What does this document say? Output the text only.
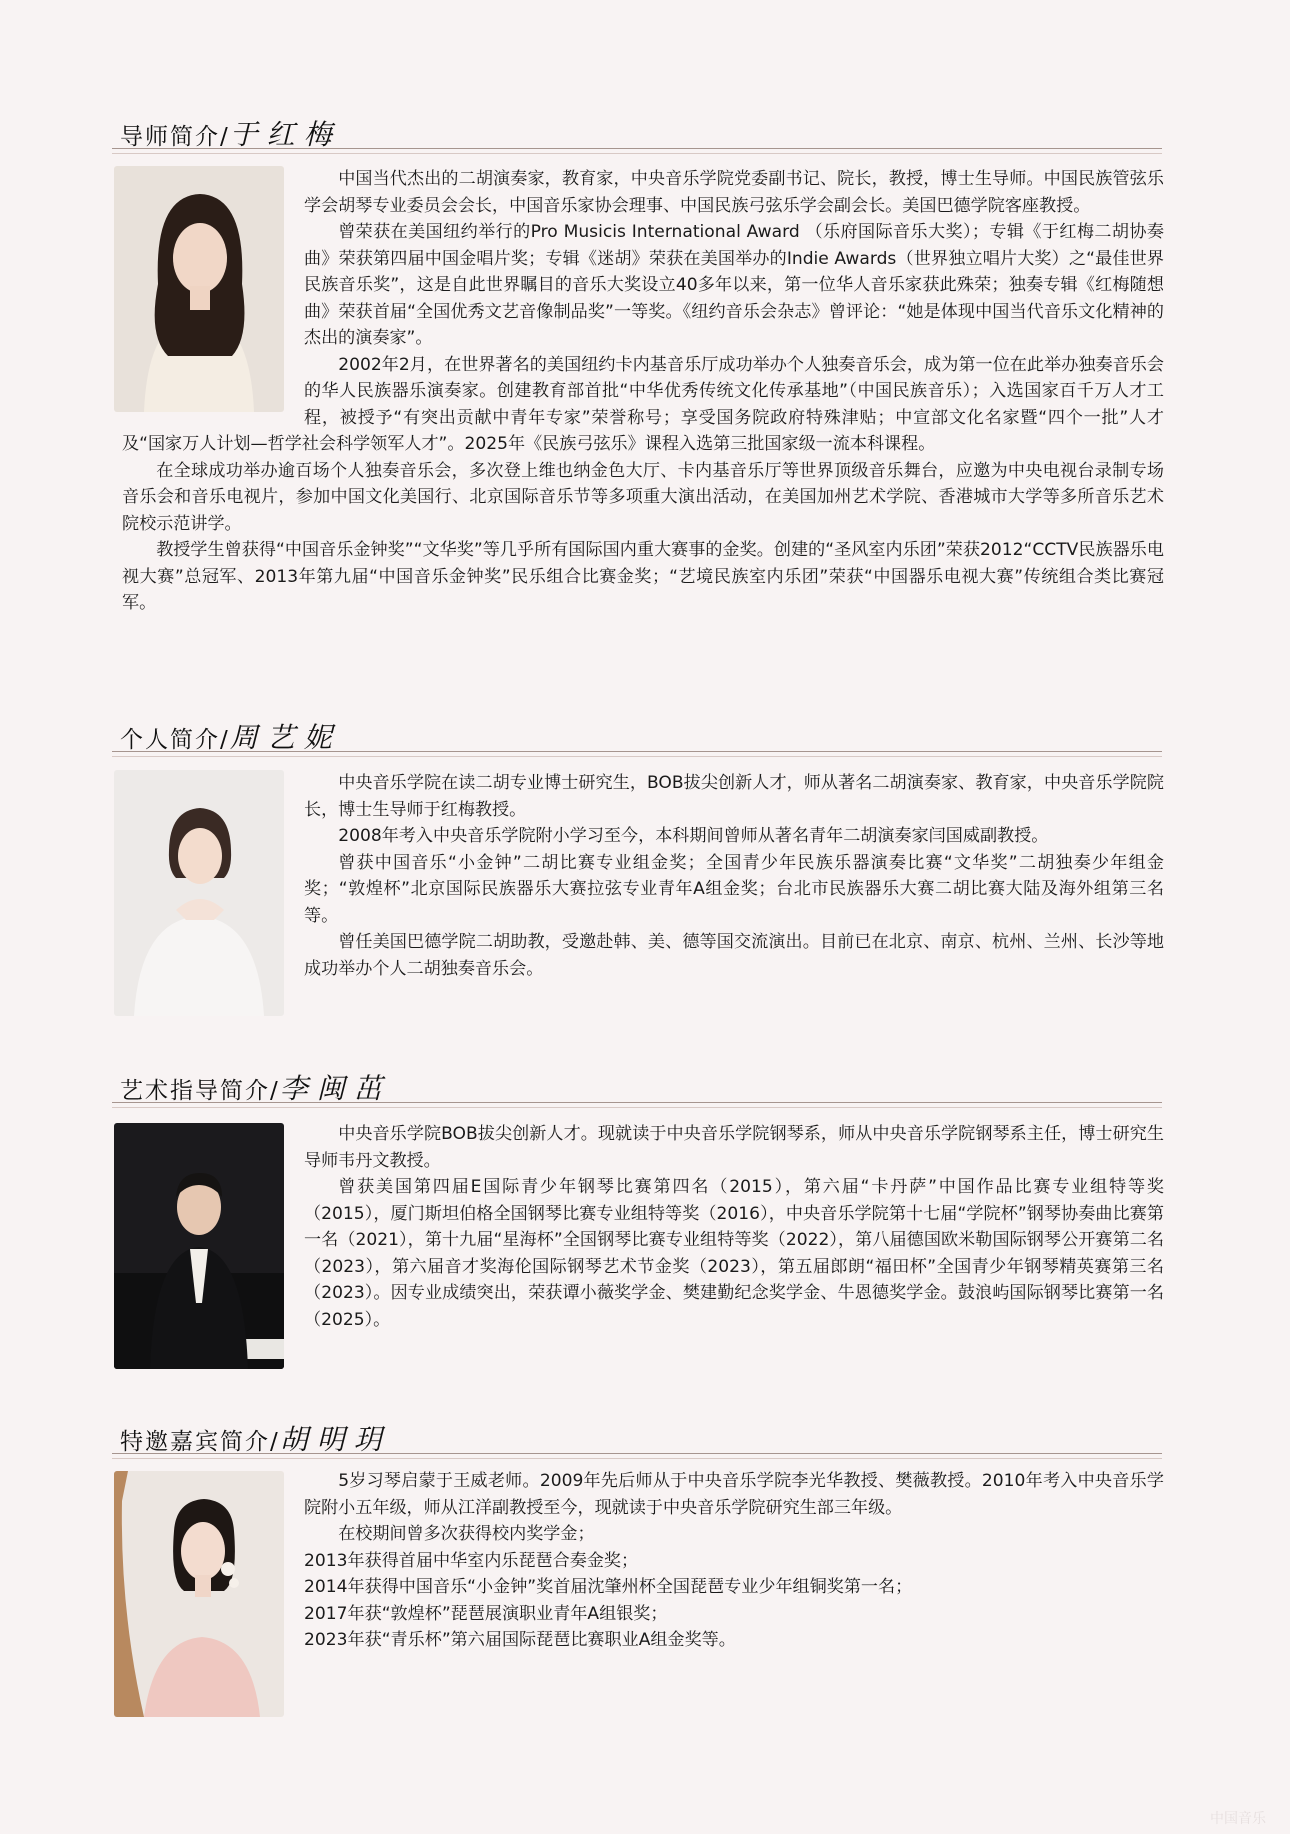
导师简介/于红梅

中国当代杰出的二胡演奏家，教育家，中央音乐学院党委副书记、院长，教授，博士生导师。中国民族管弦乐学会胡琴专业委员会会长，中国音乐家协会理事、中国民族弓弦乐学会副会长。美国巴德学院客座教授。

曾荣获在美国纽约举行的Pro Musicis International Award （乐府国际音乐大奖）；专辑《于红梅二胡协奏曲》荣获第四届中国金唱片奖；专辑《迷胡》荣获在美国举办的Indie Awards（世界独立唱片大奖）之“最佳世界民族音乐奖”，这是自此世界瞩目的音乐大奖设立40多年以来，第一位华人音乐家获此殊荣；独奏专辑《红梅随想曲》荣获首届“全国优秀文艺音像制品奖”一等奖。《纽约音乐会杂志》曾评论：“她是体现中国当代音乐文化精神的杰出的演奏家”。

2002年2月，在世界著名的美国纽约卡内基音乐厅成功举办个人独奏音乐会，成为第一位在此举办独奏音乐会的华人民族器乐演奏家。创建教育部首批“中华优秀传统文化传承基地”（中国民族音乐）；入选国家百千万人才工程，被授予“有突出贡献中青年专家”荣誉称号；享受国务院政府特殊津贴；中宣部文化名家暨“四个一批”人才及“国家万人计划—哲学社会科学领军人才”。2025年《民族弓弦乐》课程入选第三批国家级一流本科课程。

在全球成功举办逾百场个人独奏音乐会，多次登上维也纳金色大厅、卡内基音乐厅等世界顶级音乐舞台，应邀为中央电视台录制专场音乐会和音乐电视片，参加中国文化美国行、北京国际音乐节等多项重大演出活动，在美国加州艺术学院、香港城市大学等多所音乐艺术院校示范讲学。

教授学生曾获得“中国音乐金钟奖”“文华奖”等几乎所有国际国内重大赛事的金奖。创建的“圣风室内乐团”荣获2012“CCTV民族器乐电视大赛”总冠军、2013年第九届“中国音乐金钟奖”民乐组合比赛金奖；“艺境民族室内乐团”荣获“中国器乐电视大赛”传统组合类比赛冠军。

个人简介/周艺妮

中央音乐学院在读二胡专业博士研究生，BOB拔尖创新人才，师从著名二胡演奏家、教育家，中央音乐学院院长，博士生导师于红梅教授。

2008年考入中央音乐学院附小学习至今，本科期间曾师从著名青年二胡演奏家闫国威副教授。

曾获中国音乐“小金钟”二胡比赛专业组金奖；全国青少年民族乐器演奏比赛“文华奖”二胡独奏少年组金奖；“敦煌杯”北京国际民族器乐大赛拉弦专业青年A组金奖；台北市民族器乐大赛二胡比赛大陆及海外组第三名等。

曾任美国巴德学院二胡助教，受邀赴韩、美、德等国交流演出。目前已在北京、南京、杭州、兰州、长沙等地成功举办个人二胡独奏音乐会。

艺术指导简介/李闽茁

中央音乐学院BOB拔尖创新人才。现就读于中央音乐学院钢琴系，师从中央音乐学院钢琴系主任，博士研究生导师韦丹文教授。

曾获美国第四届E国际青少年钢琴比赛第四名（2015），第六届“卡丹萨”中国作品比赛专业组特等奖（2015），厦门斯坦伯格全国钢琴比赛专业组特等奖（2016），中央音乐学院第十七届“学院杯”钢琴协奏曲比赛第一名（2021），第十九届“星海杯”全国钢琴比赛专业组特等奖（2022），第八届德国欧米勒国际钢琴公开赛第二名（2023），第六届音才奖海伦国际钢琴艺术节金奖（2023），第五届郎朗“福田杯”全国青少年钢琴精英赛第三名（2023）。因专业成绩突出，荣获谭小薇奖学金、樊建勤纪念奖学金、牛恩德奖学金。鼓浪屿国际钢琴比赛第一名（2025）。

特邀嘉宾简介/胡明玥

5岁习琴启蒙于王威老师。2009年先后师从于中央音乐学院李光华教授、樊薇教授。2010年考入中央音乐学院附小五年级，师从江洋副教授至今，现就读于中央音乐学院研究生部三年级。

在校期间曾多次获得校内奖学金；

2013年获得首届中华室内乐琵琶合奏金奖；

2014年获得中国音乐“小金钟”奖首届沈肇州杯全国琵琶专业少年组铜奖第一名；

2017年获“敦煌杯”琵琶展演职业青年A组银奖；

2023年获“青乐杯”第六届国际琵琶比赛职业A组金奖等。

中国音乐
